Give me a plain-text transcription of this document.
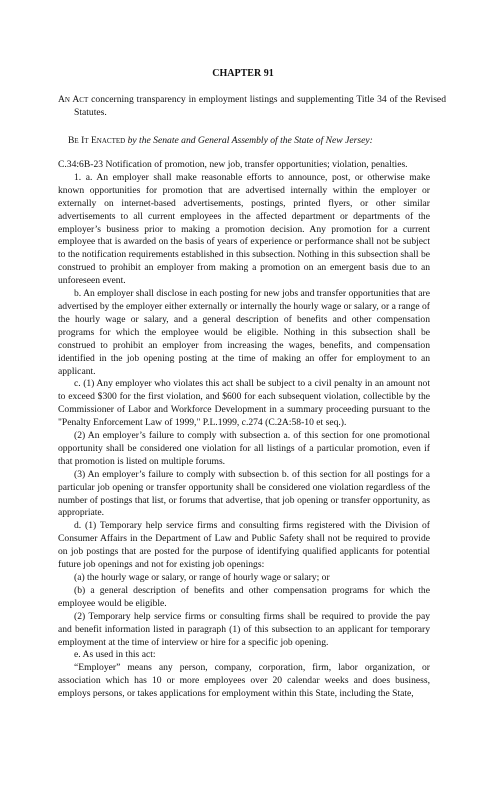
CHAPTER 91
An Act concerning transparency in employment listings and supplementing Title 34 of the Revised Statutes.
Be It Enacted by the Senate and General Assembly of the State of New Jersey:

C.34:6B-23 Notification of promotion, new job, transfer opportunities; violation, penalties.

1. a. An employer shall make reasonable efforts to announce, post, or otherwise make known opportunities for promotion that are advertised internally within the employer or externally on internet-based advertisements, postings, printed flyers, or other similar advertisements to all current employees in the affected department or departments of the employer’s business prior to making a promotion decision. Any promotion for a current employee that is awarded on the basis of years of experience or performance shall not be subject to the notification requirements established in this subsection. Nothing in this subsection shall be construed to prohibit an employer from making a promotion on an emergent basis due to an unforeseen event.

b. An employer shall disclose in each posting for new jobs and transfer opportunities that are advertised by the employer either externally or internally the hourly wage or salary, or a range of the hourly wage or salary, and a general description of benefits and other compensation programs for which the employee would be eligible. Nothing in this subsection shall be construed to prohibit an employer from increasing the wages, benefits, and compensation identified in the job opening posting at the time of making an offer for employment to an applicant.

c. (1) Any employer who violates this act shall be subject to a civil penalty in an amount not to exceed $300 for the first violation, and $600 for each subsequent violation, collectible by the Commissioner of Labor and Workforce Development in a summary proceeding pursuant to the "Penalty Enforcement Law of 1999," P.L.1999, c.274 (C.2A:58-10 et seq.).

(2) An employer’s failure to comply with subsection a. of this section for one promotional opportunity shall be considered one violation for all listings of a particular promotion, even if that promotion is listed on multiple forums.

(3) An employer’s failure to comply with subsection b. of this section for all postings for a particular job opening or transfer opportunity shall be considered one violation regardless of the number of postings that list, or forums that advertise, that job opening or transfer opportunity, as appropriate.

d. (1) Temporary help service firms and consulting firms registered with the Division of Consumer Affairs in the Department of Law and Public Safety shall not be required to provide on job postings that are posted for the purpose of identifying qualified applicants for potential future job openings and not for existing job openings:

(a) the hourly wage or salary, or range of hourly wage or salary; or

(b) a general description of benefits and other compensation programs for which the employee would be eligible.

(2) Temporary help service firms or consulting firms shall be required to provide the pay and benefit information listed in paragraph (1) of this subsection to an applicant for temporary employment at the time of interview or hire for a specific job opening.

e. As used in this act:

“Employer” means any person, company, corporation, firm, labor organization, or association which has 10 or more employees over 20 calendar weeks and does business, employs persons, or takes applications for employment within this State, including the State,
